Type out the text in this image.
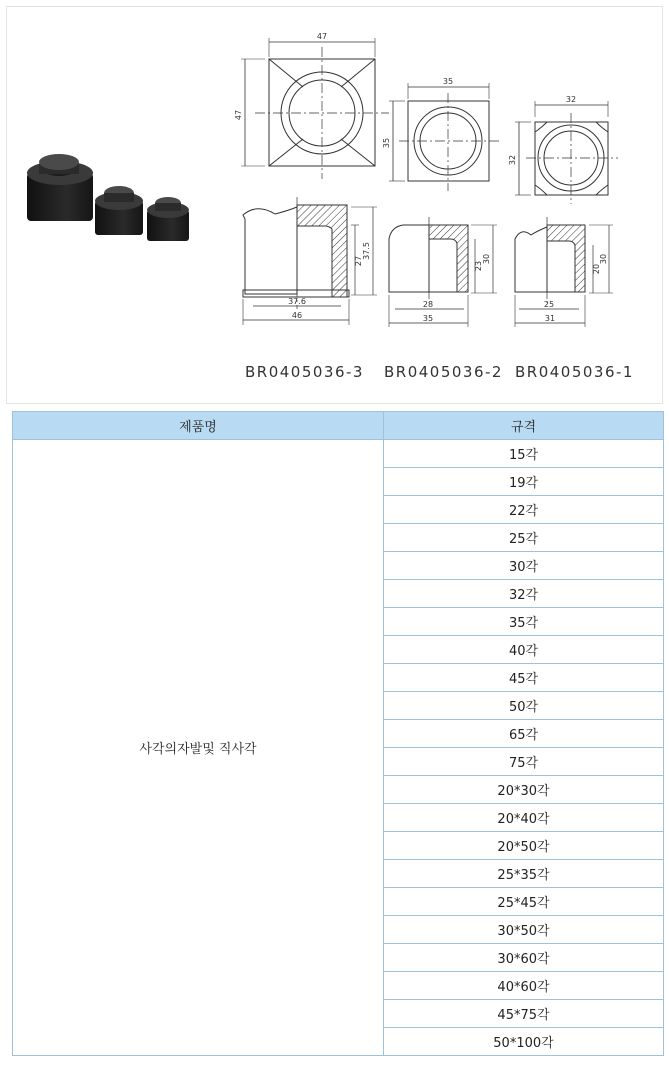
47
47
35
35
32
32
37.6
46
27
37.5
28
35
23
30
25
31
20
30
BR0405036-3 BR0405036-2 BR0405036-1
제품명	규격
사각의자발및 직사각	15각
	19각
	22각
	25각
	30각
	32각
	35각
	40각
	45각
	50각
	65각
	75각
	20*30각
	20*40각
	20*50각
	25*35각
	25*45각
	30*50각
	30*60각
	40*60각
	45*75각
	50*100각
